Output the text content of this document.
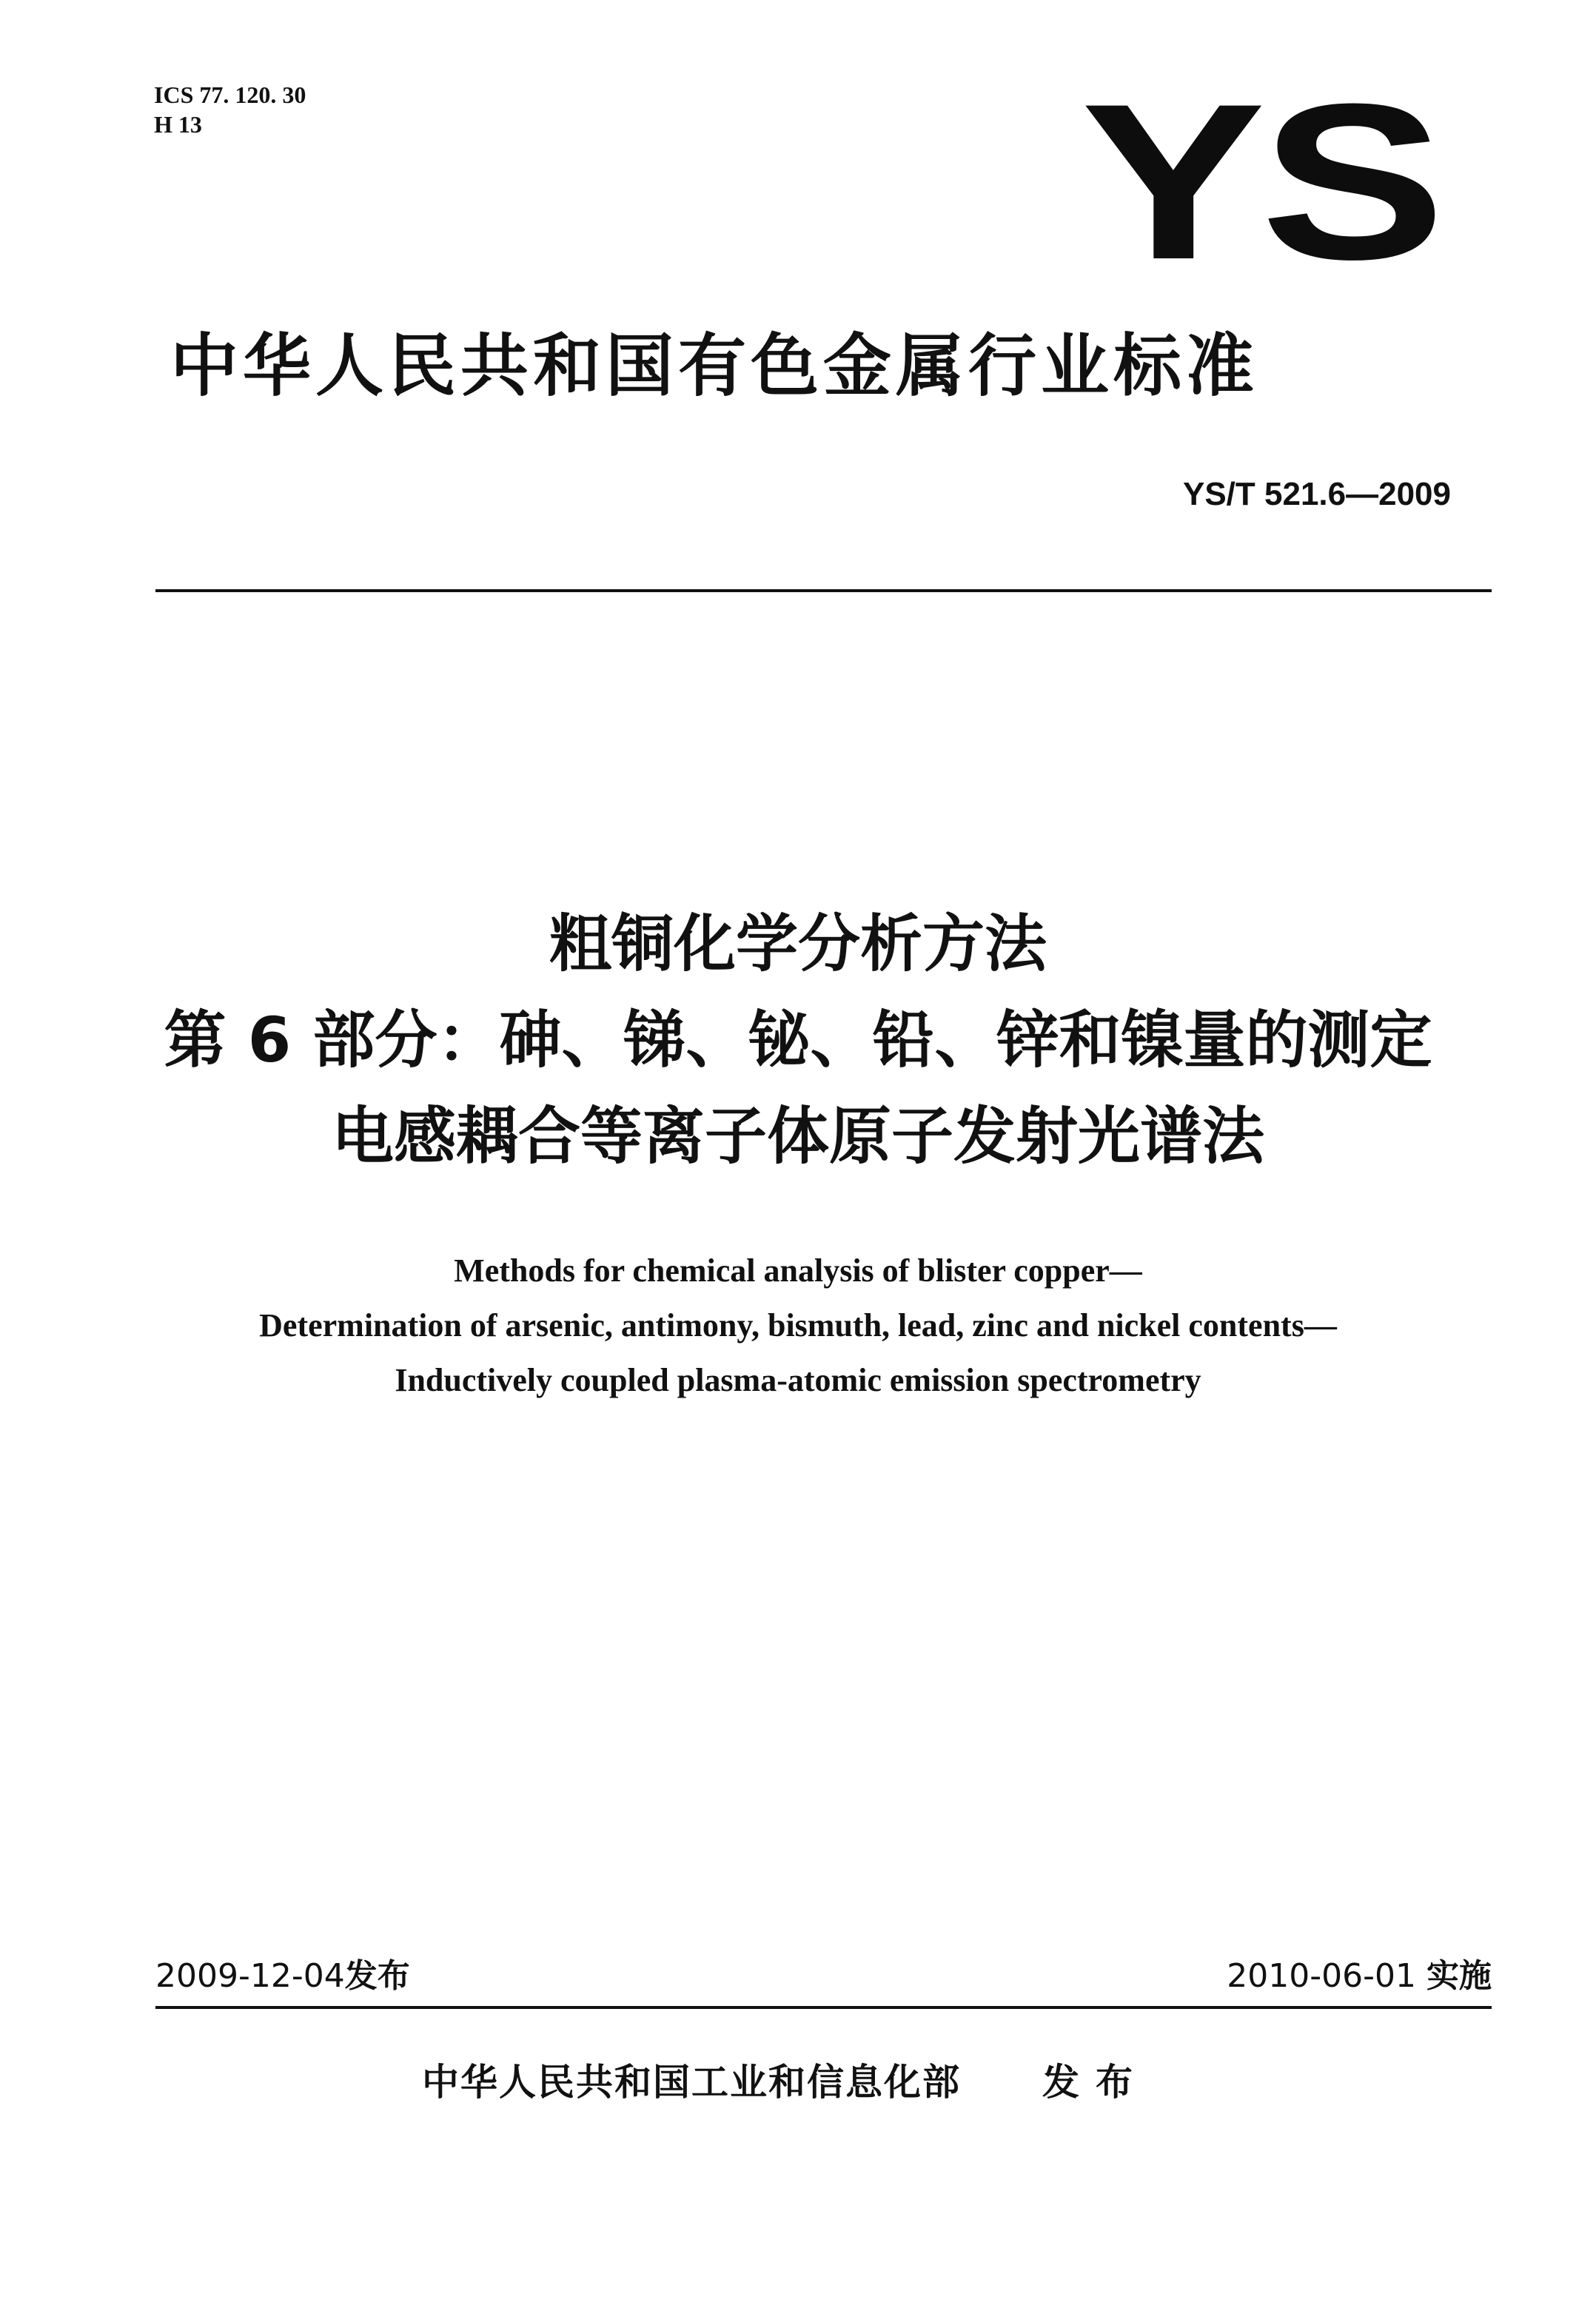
ICS 77. 120. 30
H 13	YS
中华人民共和国有色金属行业标准
YS/T 521.6—2009
粗铜化学分析方法
第 6 部分：砷、锑、铋、铅、锌和镍量的测定
电感耦合等离子体原子发射光谱法
Methods for chemical analysis of blister copper—
Determination of arsenic, antimony, bismuth, lead, zinc and nickel contents—
Inductively coupled plasma-atomic emission spectrometry
2009-12-04发布	2010-06-01 实施
中华人民共和国工业和信息化部 发布
